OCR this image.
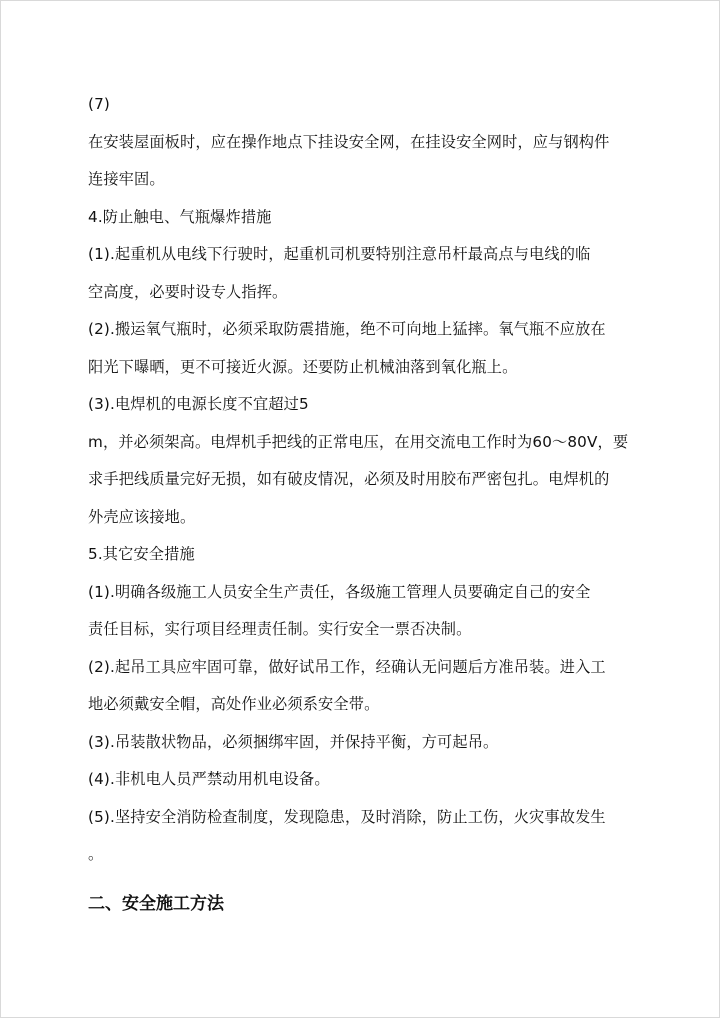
(7)
在安装屋面板时，应在操作地点下挂设安全网，在挂设安全网时，应与钢构件
连接牢固。
4.防止触电、气瓶爆炸措施
(1).起重机从电线下行驶时，起重机司机要特别注意吊杆最高点与电线的临
空高度，必要时设专人指挥。
(2).搬运氧气瓶时，必须采取防震措施，绝不可向地上猛摔。氧气瓶不应放在
阳光下曝晒，更不可接近火源。还要防止机械油落到氧化瓶上。
(3).电焊机的电源长度不宜超过5
m，并必须架高。电焊机手把线的正常电压，在用交流电工作时为60～80V，要
求手把线质量完好无损，如有破皮情况，必须及时用胶布严密包扎。电焊机的
外壳应该接地。
5.其它安全措施
(1).明确各级施工人员安全生产责任，各级施工管理人员要确定自己的安全
责任目标，实行项目经理责任制。实行安全一票否决制。
(2).起吊工具应牢固可靠，做好试吊工作，经确认无问题后方准吊装。进入工
地必须戴安全帽，高处作业必须系安全带。
(3).吊装散状物品，必须捆绑牢固，并保持平衡，方可起吊。
(4).非机电人员严禁动用机电设备。
(5).坚持安全消防检查制度，发现隐患，及时消除，防止工伤，火灾事故发生
。
二、安全施工方法
